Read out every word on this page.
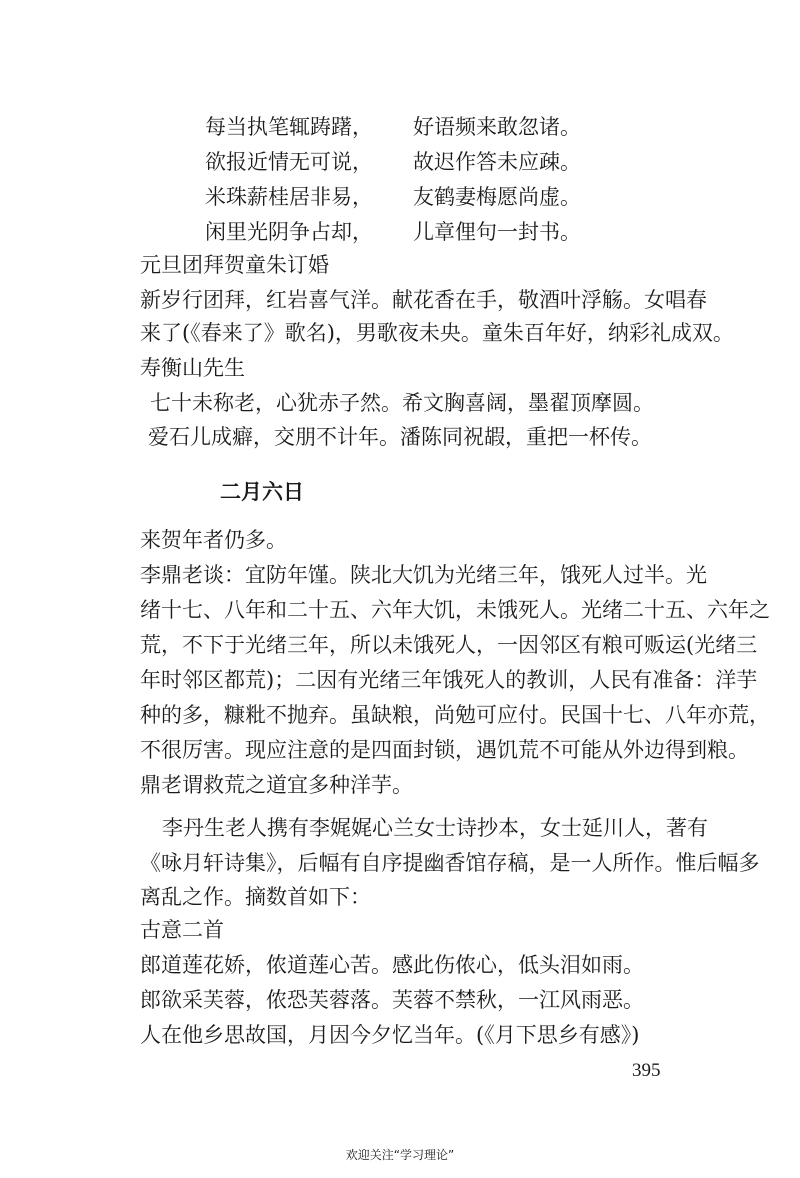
每当执笔辄踌躇， 好语频来敢忽诸。
欲报近情无可说， 故迟作答未应疎。
米珠薪桂居非易， 友鹤妻梅愿尚虚。
闲里光阴争占却， 儿章俚句一封书。

元旦团拜贺童朱订婚

新岁行团拜，红岩喜气洋。献花香在手，敬酒叶浮觞。女唱春

来了(《春来了》歌名)，男歌夜未央。童朱百年好，纳彩礼成双。

寿衡山先生

七十未称老，心犹赤子然。希文胸喜阔，墨翟顶摩圆。

爱石儿成癖，交朋不计年。潘陈同祝嘏，重把一杯传。

二月六日

来贺年者仍多。

李鼎老谈：宜防年馑。陕北大饥为光绪三年，饿死人过半。光

绪十七、八年和二十五、六年大饥，未饿死人。光绪二十五、六年之

荒，不下于光绪三年，所以未饿死人，一因邻区有粮可贩运(光绪三

年时邻区都荒)；二因有光绪三年饿死人的教训，人民有准备：洋芋

种的多，糠粃不抛弃。虽缺粮，尚勉可应付。民国十七、八年亦荒，

不很厉害。现应注意的是四面封锁，遇饥荒不可能从外边得到粮。

鼎老谓救荒之道宜多种洋芋。

李丹生老人携有李娓娓心兰女士诗抄本，女士延川人，著有

《咏月轩诗集》，后幅有自序提幽香馆存稿，是一人所作。惟后幅多

离乱之作。摘数首如下：

古意二首

郎道莲花娇，侬道莲心苦。感此伤侬心，低头泪如雨。

郎欲采芙蓉，侬恐芙蓉落。芙蓉不禁秋，一江风雨恶。

人在他乡思故国，月因今夕忆当年。(《月下思乡有感》)

395
欢迎关注“学习理论”
